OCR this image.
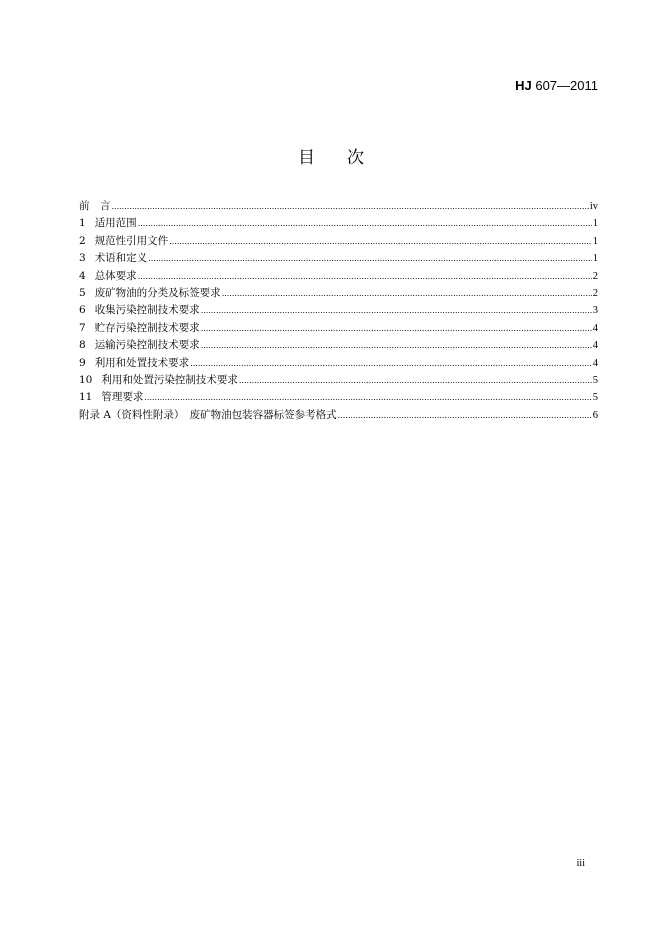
HJ 607—2011
目次
前　言 .....	iv
1 适用范围 .....	1
2 规范性引用文件 .....	1
3 术语和定义 .....	1
4 总体要求 .....	2
5 废矿物油的分类及标签要求 .....	2
6 收集污染控制技术要求 .....	3
7 贮存污染控制技术要求 .....	4
8 运输污染控制技术要求 .....	4
9 利用和处置技术要求 .....	4
10 利用和处置污染控制技术要求 .....	5
11 管理要求 .....	5
附录 A（资料性附录）　废矿物油包装容器标签参考格式 .....	6
iii
